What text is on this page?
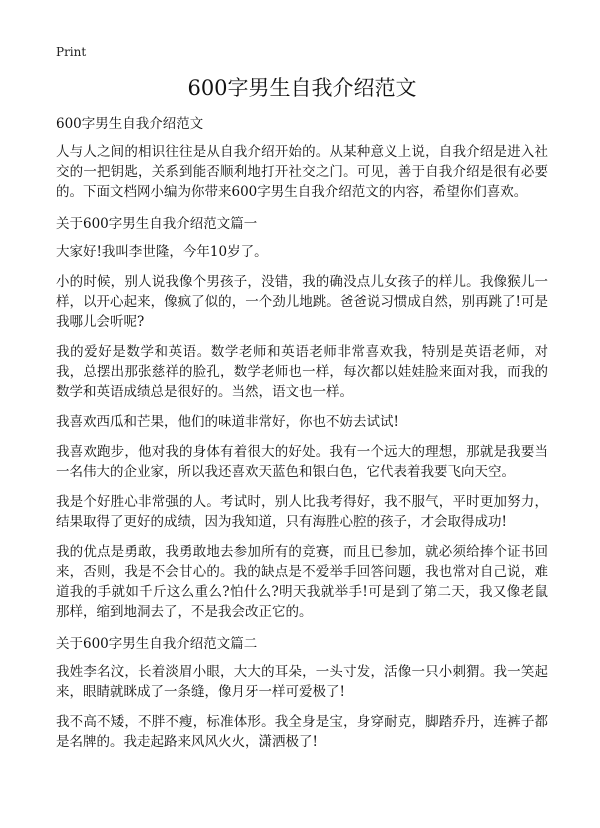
Print
600字男生自我介绍范文

600字男生自我介绍范文

人与人之间的相识往往是从自我介绍开始的。从某种意义上说，自我介绍是进入社交的一把钥匙，关系到能否顺利地打开社交之门。可见，善于自我介绍是很有必要的。下面文档网小编为你带来600字男生自我介绍范文的内容，希望你们喜欢。

关于600字男生自我介绍范文篇一

大家好!我叫李世隆，今年10岁了。

小的时候，别人说我像个男孩子，没错，我的确没点儿女孩子的样儿。我像猴儿一样，以开心起来，像疯了似的，一个劲儿地跳。爸爸说习惯成自然，别再跳了!可是我哪儿会听呢?

我的爱好是数学和英语。数学老师和英语老师非常喜欢我，特别是英语老师，对我，总摆出那张慈祥的脸孔，数学老师也一样，每次都以娃娃脸来面对我，而我的数学和英语成绩总是很好的。当然，语文也一样。

我喜欢西瓜和芒果，他们的味道非常好，你也不妨去试试!

我喜欢跑步，他对我的身体有着很大的好处。我有一个远大的理想，那就是我要当一名伟大的企业家，所以我还喜欢天蓝色和银白色，它代表着我要飞向天空。

我是个好胜心非常强的人。考试时，别人比我考得好，我不服气，平时更加努力，结果取得了更好的成绩，因为我知道，只有海胜心腔的孩子，才会取得成功!

我的优点是勇敢，我勇敢地去参加所有的竞赛，而且已参加，就必须给捧个证书回来，否则，我是不会甘心的。我的缺点是不爱举手回答问题，我也常对自己说，难道我的手就如千斤这么重么?怕什么?明天我就举手!可是到了第二天，我又像老鼠那样，缩到地洞去了，不是我会改正它的。

关于600字男生自我介绍范文篇二

我姓李名汶，长着淡眉小眼，大大的耳朵，一头寸发，活像一只小刺猬。我一笑起来，眼睛就眯成了一条缝，像月牙一样可爱极了!

我不高不矮，不胖不瘦，标准体形。我全身是宝，身穿耐克，脚踏乔丹，连裤子都是名牌的。我走起路来风风火火，潇洒极了!
